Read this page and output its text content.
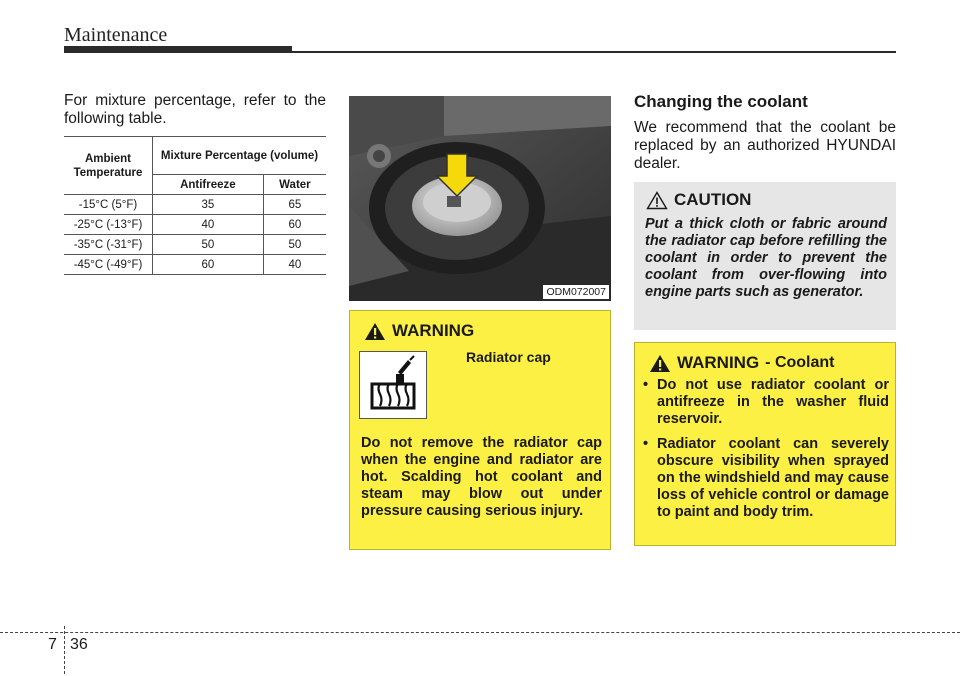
Maintenance
For mixture percentage, refer to the following table.
Ambient Temperature	Mixture Percentage (volume)	
	Antifreeze	Water
-15°C (5°F)	35	65
-25°C (-13°F)	40	60
-35°C (-31°F)	50	50
-45°C (-49°F)	60	40
ODM072007
WARNING
Radiator cap
Do not remove the radiator cap when the engine and radiator are hot. Scalding hot coolant and steam may blow out under pressure causing serious injury.
Changing the coolant
We recommend that the coolant be replaced by an authorized HYUNDAI dealer.
CAUTION
Put a thick cloth or fabric around the radiator cap before refilling the coolant in order to prevent the coolant from over-flowing into engine parts such as generator.
WARNING - Coolant
• Do not use radiator coolant or antifreeze in the washer fluid reservoir.
• Radiator coolant can severely obscure visibility when sprayed on the windshield and may cause loss of vehicle control or damage to paint and body trim.
7 36
